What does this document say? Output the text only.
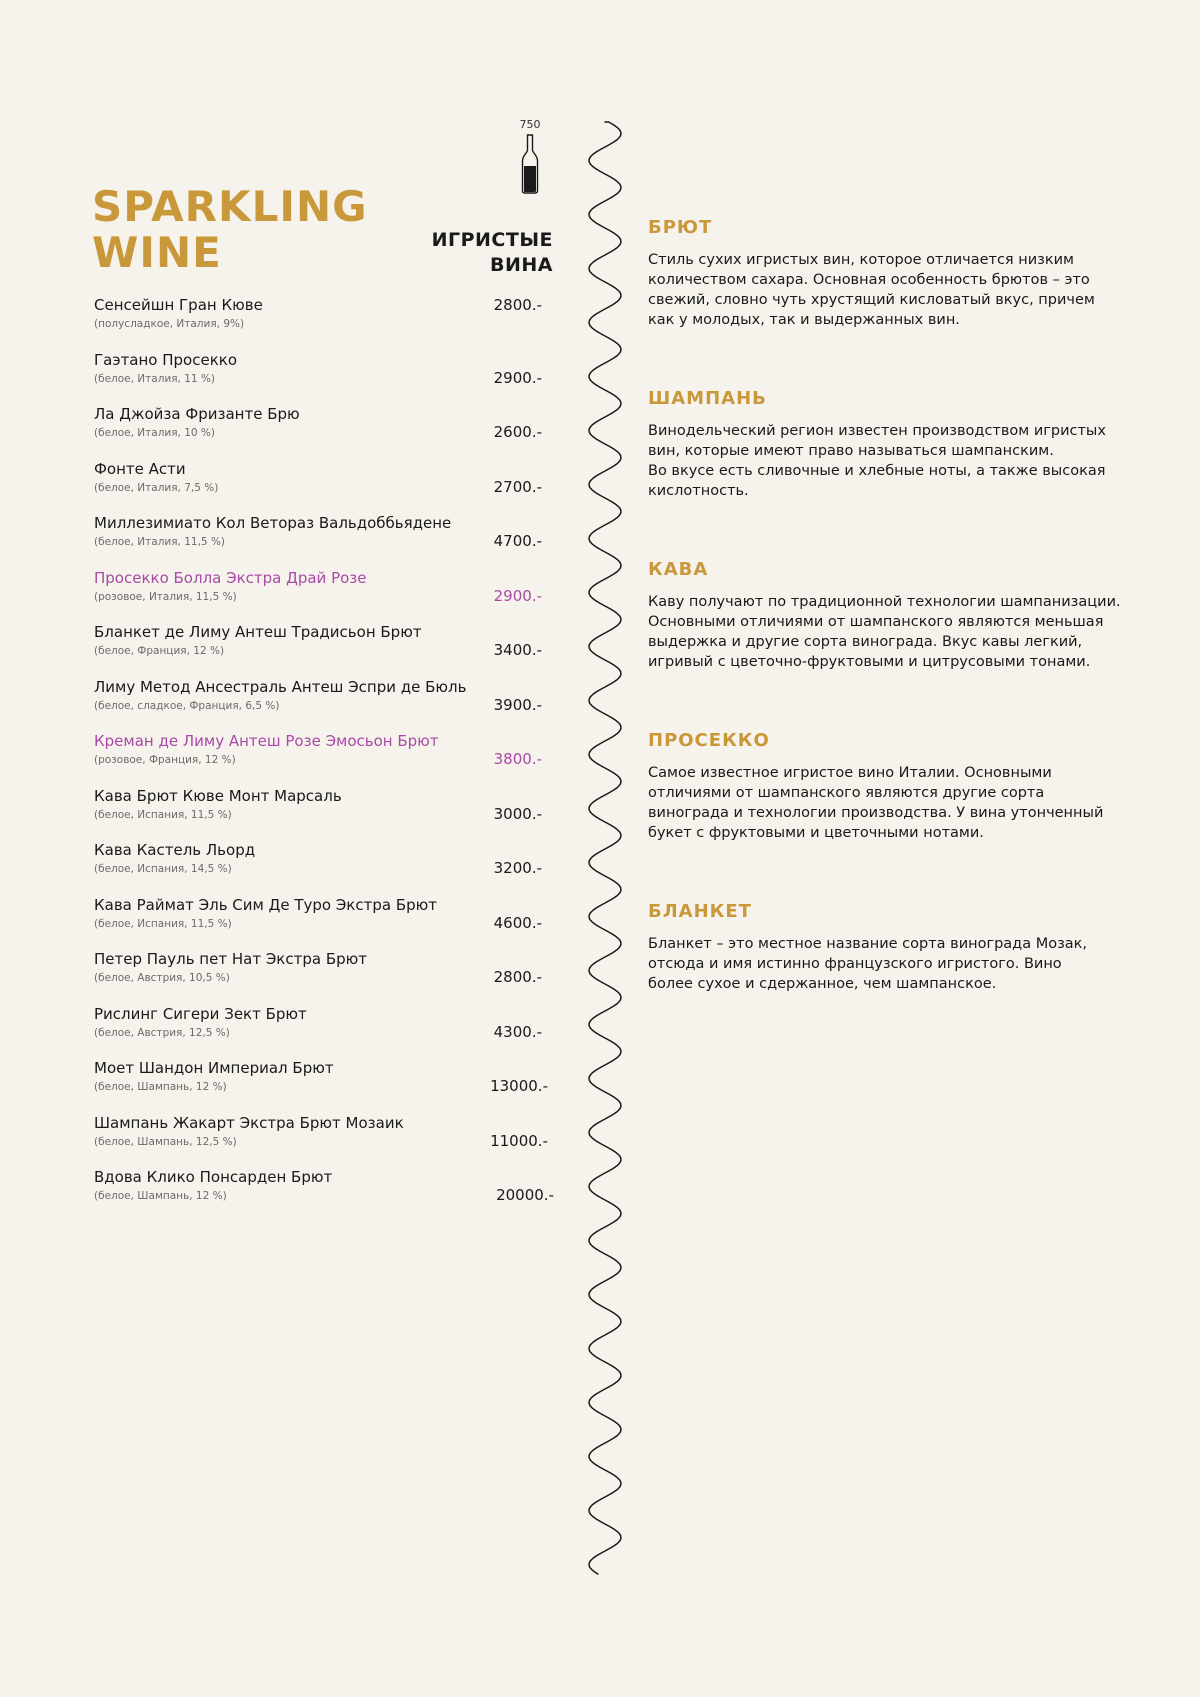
SPARKLING
WINE	ИГРИСТЫЕ
ВИНА
750
Сенсейшн Гран Кюве
(полусладкое, Италия, 9%)
2800.-
Гаэтано Просекко
(белое, Италия, 11 %)	2900.-
Ла Джойза Фризанте Брю
(белое, Италия, 10 %)	2600.-
Фонте Асти
(белое, Италия, 7,5 %)	2700.-
Миллезимиато Кол Ветораз Вальдоббьядене
(белое, Италия, 11,5 %)	4700.-
Просекко Болла Экстра Драй Розе
(розовое, Италия, 11,5 %)	2900.-
Бланкет де Лиму Антеш Традисьон Брют
(белое, Франция, 12 %)	3400.-
Лиму Метод Ансестраль Антеш Эспри де Бюль
(белое, сладкое, Франция, 6,5 %)	3900.-
Креман де Лиму Антеш Розе Эмосьон Брют
(розовое, Франция, 12 %)	3800.-
Кава Брют Кюве Монт Марсаль
(белое, Испания, 11,5 %)	3000.-
Кава Кастель Льорд
(белое, Испания, 14,5 %)	3200.-
Кава Раймат Эль Сим Де Туро Экстра Брют
(белое, Испания, 11,5 %)	4600.-
Петер Пауль пет Нат Экстра Брют
(белое, Австрия, 10,5 %)	2800.-
Рислинг Сигери Зект Брют
(белое, Австрия, 12,5 %)	4300.-
Моет Шандон Империал Брют
(белое, Шампань, 12 %)	13000.-
Шампань Жакарт Экстра Брют Мозаик
(белое, Шампань, 12,5 %)	11000.-
Вдова Клико Понсарден Брют
(белое, Шампань, 12 %)	20000.-
БРЮТ

Стиль сухих игристых вин, которое отличается низким
количеством сахара. Основная особенность брютов – это
свежий, словно чуть хрустящий кисловатый вкус, причем
как у молодых, так и выдержанных вин.

ШАМПАНЬ

Винодельческий регион известен производством игристых
вин, которые имеют право называться шампанским.
Во вкусе есть сливочные и хлебные ноты, а также высокая
кислотность.

КАВА

Каву получают по традиционной технологии шампанизации.
Основными отличиями от шампанского являются меньшая
выдержка и другие сорта винограда. Вкус кавы легкий,
игривый с цветочно-фруктовыми и цитрусовыми тонами.

ПРОСЕККО

Самое известное игристое вино Италии. Основными
отличиями от шампанского являются другие сорта
винограда и технологии производства. У вина утонченный
букет с фруктовыми и цветочными нотами.

БЛАНКЕТ

Бланкет – это местное название сорта винограда Мозак,
отсюда и имя истинно французского игристого. Вино
более сухое и сдержанное, чем шампанское.
